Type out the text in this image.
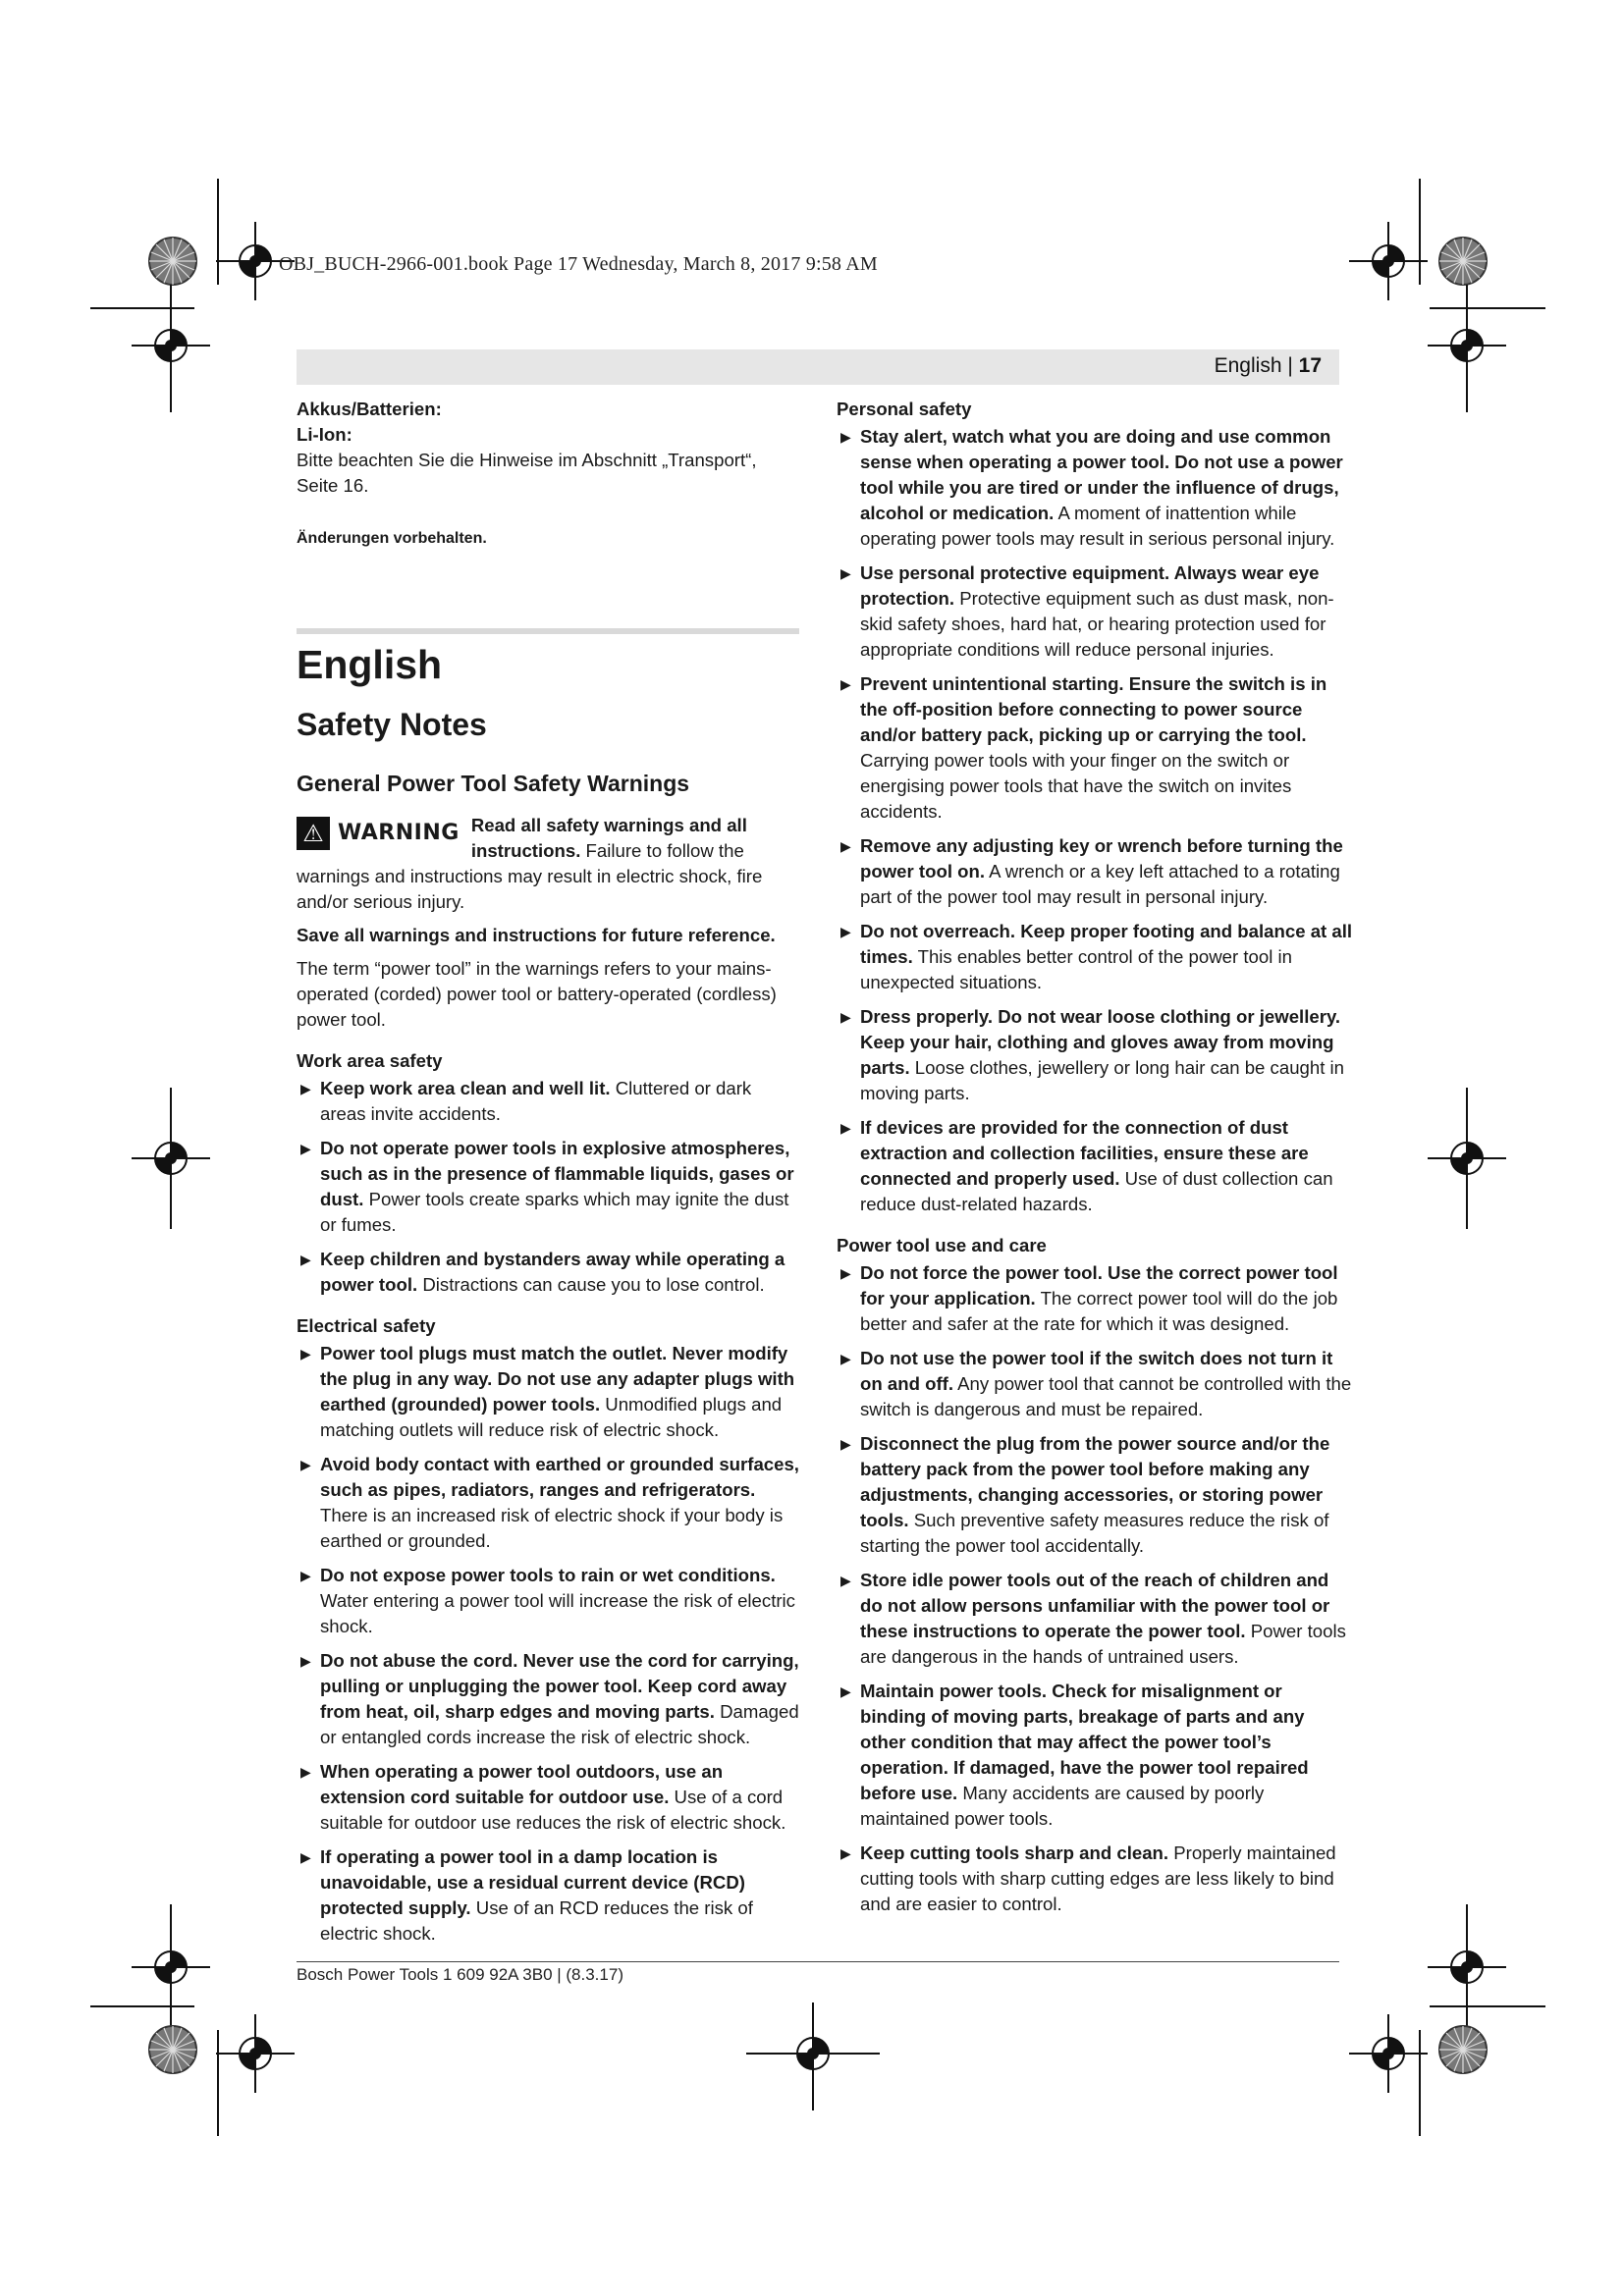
OBJ_BUCH-2966-001.book Page 17 Wednesday, March 8, 2017 9:58 AM
English | 17

Akkus/Batterien:

Li-Ion:

Bitte beachten Sie die Hinweise im Abschnitt „Transport“, Seite 16.

Änderungen vorbehalten.

English
Safety Notes
General Power Tool Safety Warnings
⚠ WARNING Read all safety warnings and all instructions. Failure to follow the warnings and instructions may result in electric shock, fire and/or serious injury.

Save all warnings and instructions for future reference.

The term “power tool” in the warnings refers to your mains-operated (corded) power tool or battery-operated (cordless) power tool.

Work area safety

▶ Keep work area clean and well lit. Cluttered or dark areas invite accidents.
▶ Do not operate power tools in explosive atmospheres, such as in the presence of flammable liquids, gases or dust. Power tools create sparks which may ignite the dust or fumes.
▶ Keep children and bystanders away while operating a power tool. Distractions can cause you to lose control.

Electrical safety

▶ Power tool plugs must match the outlet. Never modify the plug in any way. Do not use any adapter plugs with earthed (grounded) power tools. Unmodified plugs and matching outlets will reduce risk of electric shock.
▶ Avoid body contact with earthed or grounded surfaces, such as pipes, radiators, ranges and refrigerators. There is an increased risk of electric shock if your body is earthed or grounded.
▶ Do not expose power tools to rain or wet conditions. Water entering a power tool will increase the risk of electric shock.
▶ Do not abuse the cord. Never use the cord for carrying, pulling or unplugging the power tool. Keep cord away from heat, oil, sharp edges and moving parts. Damaged or entangled cords increase the risk of electric shock.
▶ When operating a power tool outdoors, use an extension cord suitable for outdoor use. Use of a cord suitable for outdoor use reduces the risk of electric shock.
▶ If operating a power tool in a damp location is unavoidable, use a residual current device (RCD) protected supply. Use of an RCD reduces the risk of electric shock.

Personal safety

▶ Stay alert, watch what you are doing and use common sense when operating a power tool. Do not use a power tool while you are tired or under the influence of drugs, alcohol or medication. A moment of inattention while operating power tools may result in serious personal injury.
▶ Use personal protective equipment. Always wear eye protection. Protective equipment such as dust mask, non-skid safety shoes, hard hat, or hearing protection used for appropriate conditions will reduce personal injuries.
▶ Prevent unintentional starting. Ensure the switch is in the off-position before connecting to power source and/or battery pack, picking up or carrying the tool. Carrying power tools with your finger on the switch or energising power tools that have the switch on invites accidents.
▶ Remove any adjusting key or wrench before turning the power tool on. A wrench or a key left attached to a rotating part of the power tool may result in personal injury.
▶ Do not overreach. Keep proper footing and balance at all times. This enables better control of the power tool in unexpected situations.
▶ Dress properly. Do not wear loose clothing or jewellery. Keep your hair, clothing and gloves away from moving parts. Loose clothes, jewellery or long hair can be caught in moving parts.
▶ If devices are provided for the connection of dust extraction and collection facilities, ensure these are connected and properly used. Use of dust collection can reduce dust-related hazards.

Power tool use and care

▶ Do not force the power tool. Use the correct power tool for your application. The correct power tool will do the job better and safer at the rate for which it was designed.
▶ Do not use the power tool if the switch does not turn it on and off. Any power tool that cannot be controlled with the switch is dangerous and must be repaired.
▶ Disconnect the plug from the power source and/or the battery pack from the power tool before making any adjustments, changing accessories, or storing power tools. Such preventive safety measures reduce the risk of starting the power tool accidentally.
▶ Store idle power tools out of the reach of children and do not allow persons unfamiliar with the power tool or these instructions to operate the power tool. Power tools are dangerous in the hands of untrained users.
▶ Maintain power tools. Check for misalignment or binding of moving parts, breakage of parts and any other condition that may affect the power tool’s operation. If damaged, have the power tool repaired before use. Many accidents are caused by poorly maintained power tools.
▶ Keep cutting tools sharp and clean. Properly maintained cutting tools with sharp cutting edges are less likely to bind and are easier to control.
Bosch Power Tools 1 609 92A 3B0 | (8.3.17)
